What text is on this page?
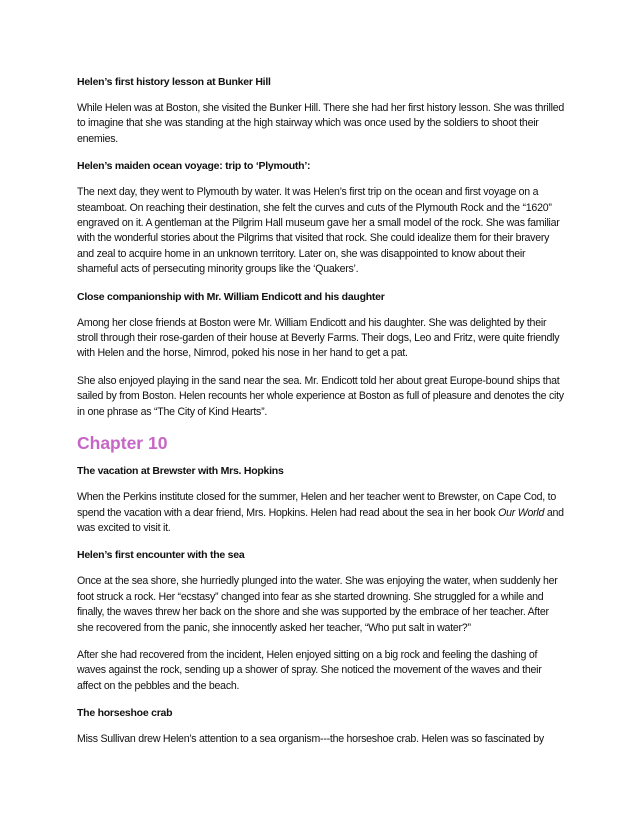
Helen’s first history lesson at Bunker Hill
While Helen was at Boston, she visited the Bunker Hill. There she had her first history lesson. She was thrilled to imagine that she was standing at the high stairway which was once used by the soldiers to shoot their enemies.
Helen’s maiden ocean voyage: trip to ‘Plymouth’:
The next day, they went to Plymouth by water. It was Helen’s first trip on the ocean and first voyage on a steamboat. On reaching their destination, she felt the curves and cuts of the Plymouth Rock and the “1620” engraved on it. A gentleman at the Pilgrim Hall museum gave her a small model of the rock. She was familiar with the wonderful stories about the Pilgrims that visited that rock. She could idealize them for their bravery and zeal to acquire home in an unknown territory. Later on, she was disappointed to know about their shameful acts of persecuting minority groups like the ‘Quakers’.
Close companionship with Mr. William Endicott and his daughter
Among her close friends at Boston were Mr. William Endicott and his daughter. She was delighted by their stroll through their rose-garden of their house at Beverly Farms. Their dogs, Leo and Fritz, were quite friendly with Helen and the horse, Nimrod, poked his nose in her hand to get a pat.
She also enjoyed playing in the sand near the sea. Mr. Endicott told her about great Europe-bound ships that sailed by from Boston. Helen recounts her whole experience at Boston as full of pleasure and denotes the city in one phrase as “The City of Kind Hearts”.
Chapter 10
The vacation at Brewster with Mrs. Hopkins
When the Perkins institute closed for the summer, Helen and her teacher went to Brewster, on Cape Cod, to spend the vacation with a dear friend, Mrs. Hopkins. Helen had read about the sea in her book Our World and was excited to visit it.
Helen’s first encounter with the sea
Once at the sea shore, she hurriedly plunged into the water. She was enjoying the water, when suddenly her foot struck a rock. Her “ecstasy” changed into fear as she started drowning. She struggled for a while and finally, the waves threw her back on the shore and she was supported by the embrace of her teacher. After she recovered from the panic, she innocently asked her teacher, “Who put salt in water?”
After she had recovered from the incident, Helen enjoyed sitting on a big rock and feeling the dashing of waves against the rock, sending up a shower of spray. She noticed the movement of the waves and their affect on the pebbles and the beach.
The horseshoe crab
Miss Sullivan drew Helen’s attention to a sea organism---the horseshoe crab. Helen was so fascinated by
